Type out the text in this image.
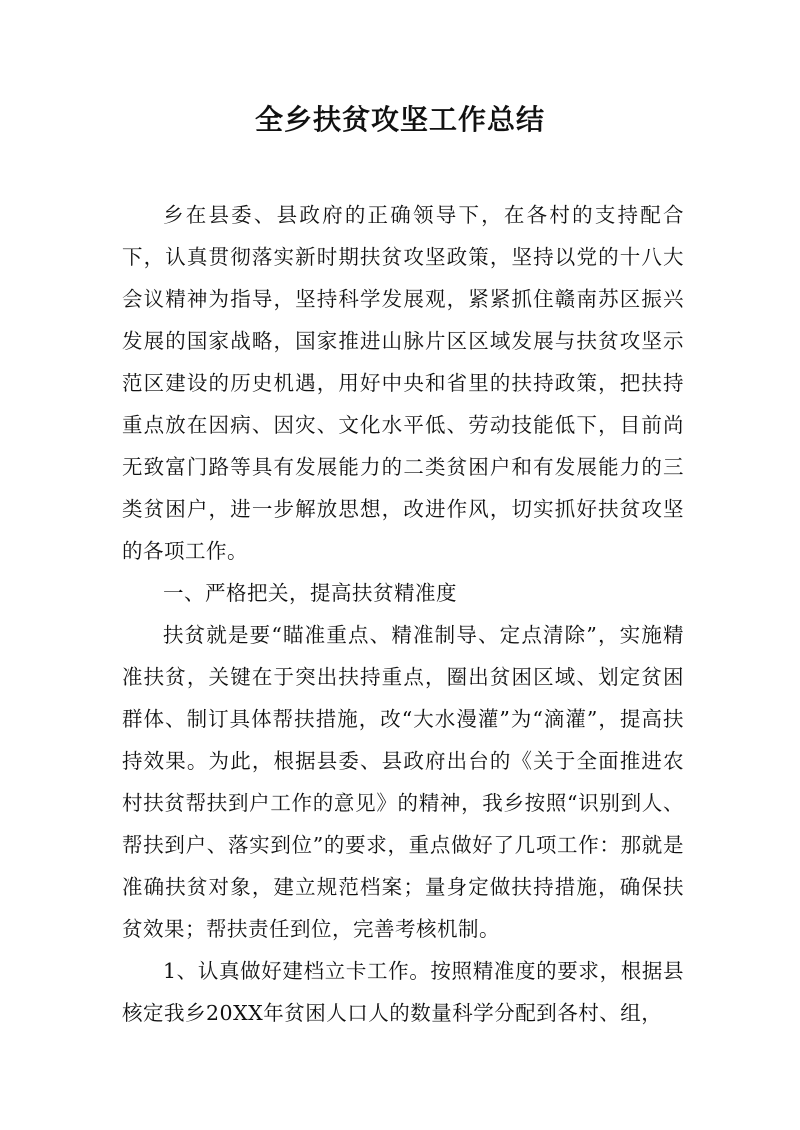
全乡扶贫攻坚工作总结

乡在县委、县政府的正确领导下，在各村的支持配合下，认真贯彻落实新时期扶贫攻坚政策，坚持以党的十八大会议精神为指导，坚持科学发展观，紧紧抓住赣南苏区振兴发展的国家战略，国家推进山脉片区区域发展与扶贫攻坚示范区建设的历史机遇，用好中央和省里的扶持政策，把扶持重点放在因病、因灾、文化水平低、劳动技能低下，目前尚无致富门路等具有发展能力的二类贫困户和有发展能力的三类贫困户，进一步解放思想，改进作风，切实抓好扶贫攻坚的各项工作。

一、严格把关，提高扶贫精准度

扶贫就是要“瞄准重点、精准制导、定点清除”，实施精准扶贫，关键在于突出扶持重点，圈出贫困区域、划定贫困群体、制订具体帮扶措施，改“大水漫灌”为“滴灌”，提高扶持效果。为此，根据县委、县政府出台的《关于全面推进农村扶贫帮扶到户工作的意见》的精神，我乡按照“识别到人、帮扶到户、落实到位”的要求，重点做好了几项工作：那就是准确扶贫对象，建立规范档案；量身定做扶持措施，确保扶贫效果；帮扶责任到位，完善考核机制。

1、认真做好建档立卡工作。按照精准度的要求，根据县核定我乡20XX年贫困人口人的数量科学分配到各村、组，
